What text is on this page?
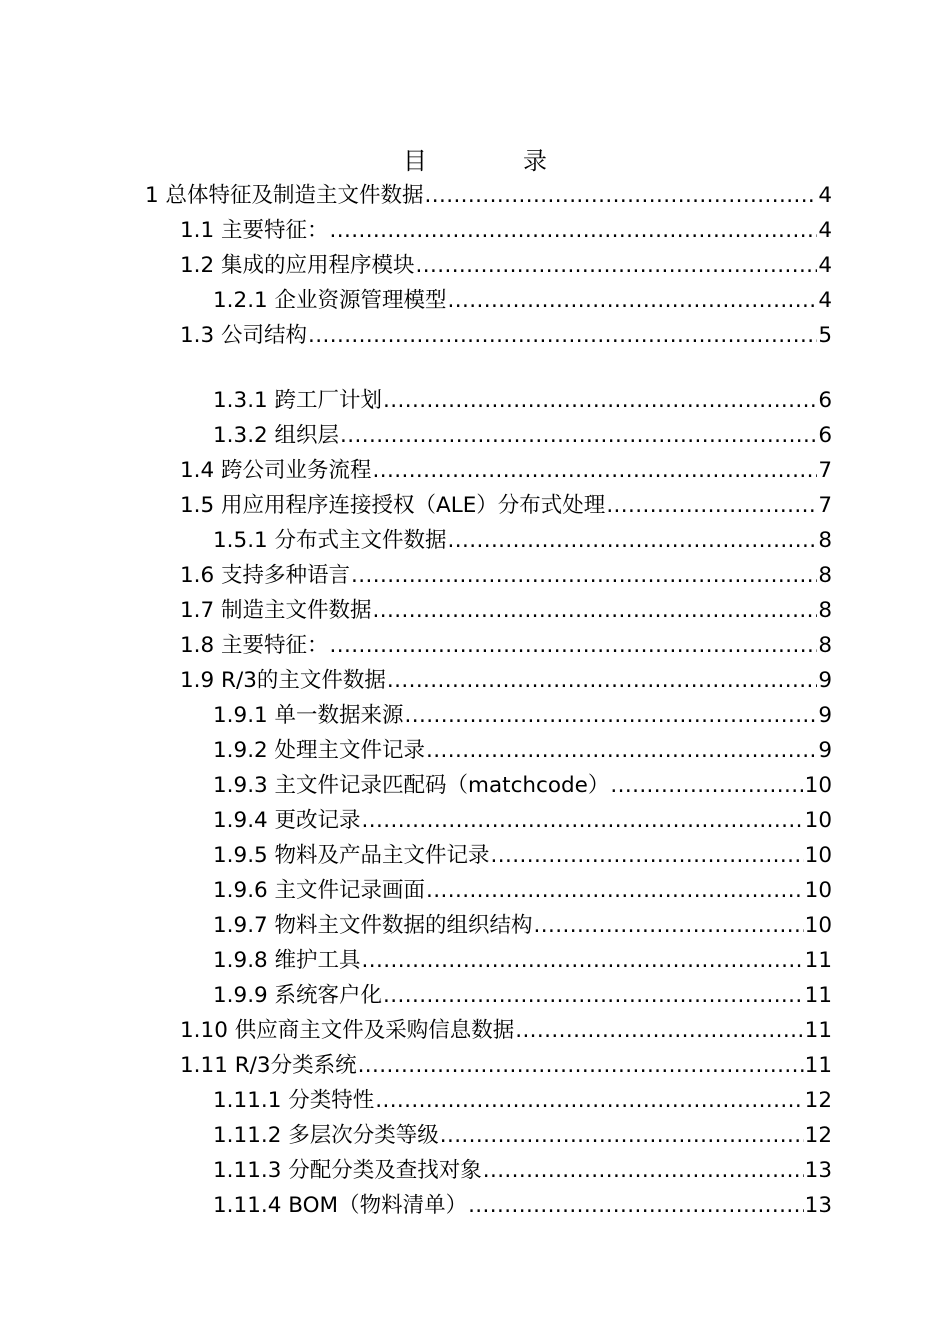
目　　　　录
1 总体特征及制造主文件数据 .....	4
1.1 主要特征： .....	4
1.2 集成的应用程序模块 .....	4
1.2.1 企业资源管理模型 .....	4
1.3 公司结构 .....	5
1.3.1 跨工厂计划 .....	6
1.3.2 组织层 .....	6
1.4 跨公司业务流程 .....	7
1.5 用应用程序连接授权（ALE）分布式处理 .....	7
1.5.1 分布式主文件数据 .....	8
1.6 支持多种语言 .....	8
1.7 制造主文件数据 .....	8
1.8 主要特征： .....	8
1.9 R/3的主文件数据 .....	9
1.9.1 单一数据来源 .....	9
1.9.2 处理主文件记录 .....	9
1.9.3 主文件记录匹配码（matchcode） .....	10
1.9.4 更改记录 .....	10
1.9.5 物料及产品主文件记录 .....	10
1.9.6 主文件记录画面 .....	10
1.9.7 物料主文件数据的组织结构 .....	10
1.9.8 维护工具 .....	11
1.9.9 系统客户化 .....	11
1.10 供应商主文件及采购信息数据 .....	11
1.11 R/3分类系统 .....	11
1.11.1 分类特性 .....	12
1.11.2 多层次分类等级 .....	12
1.11.3 分配分类及查找对象 .....	13
1.11.4 BOM（物料清单） .....	13
